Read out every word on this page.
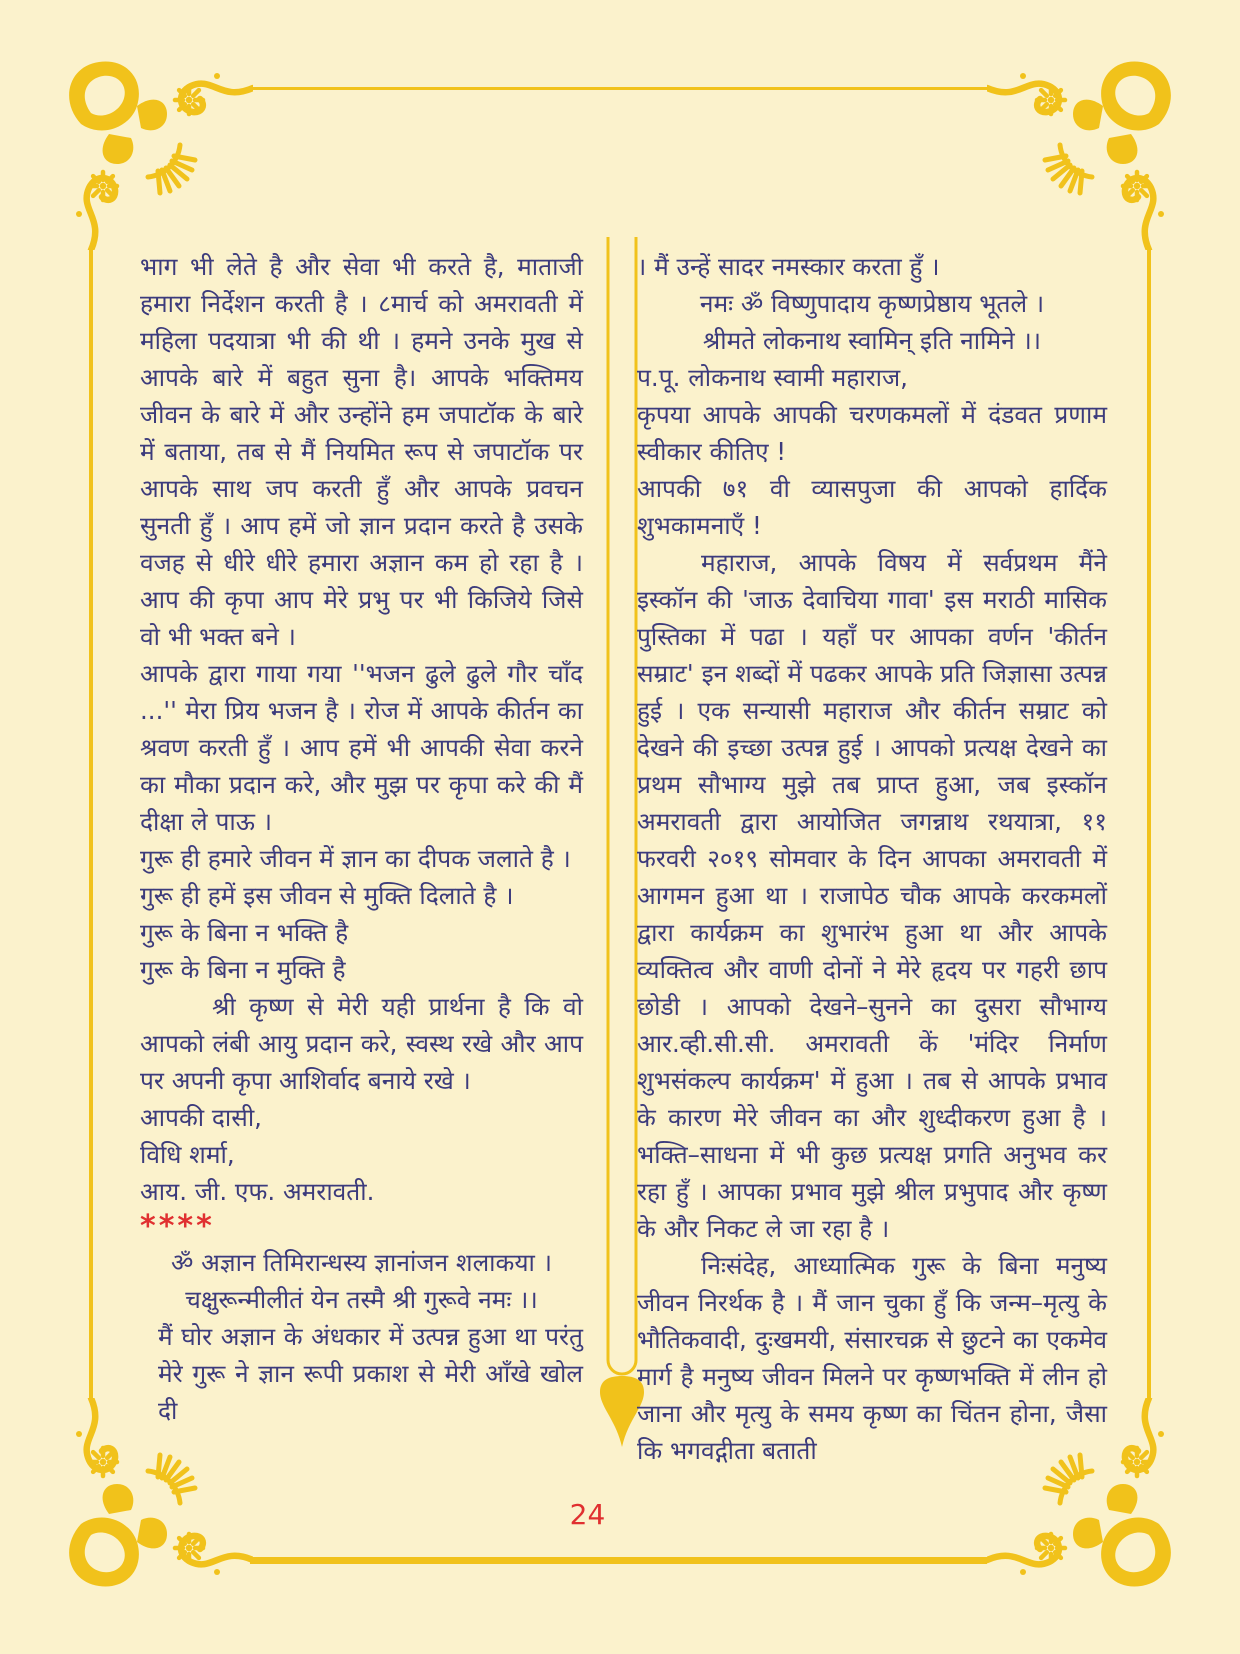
भाग भी लेते है और सेवा भी करते है, माताजी हमारा निर्देशन करती है । ८मार्च को अमरावती में महिला पदयात्रा भी की थी । हमने उनके मुख से आपके बारे में बहुत सुना है। आपके भक्तिमय जीवन के बारे में और उन्होंने हम जपाटॉक के बारे में बताया, तब से मैं नियमित रूप से जपाटॉक पर आपके साथ जप करती हुँ और आपके प्रवचन सुनती हुँ । आप हमें जो ज्ञान प्रदान करते है उसके वजह से धीरे धीरे हमारा अज्ञान कम हो रहा है । आप की कृपा आप मेरे प्रभु पर भी किजिये जिसे वो भी भक्त बने ।

आपके द्वारा गाया गया ''भजन ढुले ढुले गौर चाँद ...'' मेरा प्रिय भजन है । रोज में आपके कीर्तन का श्रवण करती हुँ । आप हमें भी आपकी सेवा करने का मौका प्रदान करे, और मुझ पर कृपा करे की मैं दीक्षा ले पाऊ ।

गुरू ही हमारे जीवन में ज्ञान का दीपक जलाते है ।

गुरू ही हमें इस जीवन से मुक्ति दिलाते है ।

गुरू के बिना न भक्ति है

गुरू के बिना न मुक्ति है

श्री कृष्ण से मेरी यही प्रार्थना है कि वो आपको लंबी आयु प्रदान करे, स्वस्थ रखे और आप पर अपनी कृपा आशिर्वाद बनाये रखे ।

आपकी दासी,

विधि शर्मा,

आय. जी. एफ. अमरावती.

****

ॐ अज्ञान तिमिरान्धस्य ज्ञानांजन शलाकया ।

चक्षुरून्मीलीतं येन तस्मै श्री गुरूवे नमः ।।

मैं घोर अज्ञान के अंधकार में उत्पन्न हुआ था परंतु मेरे गुरू ने ज्ञान रूपी प्रकाश से मेरी आँखे खोल दी

। मैं उन्हें सादर नमस्कार करता हुँ ।

नमः ॐ विष्णुपादाय कृष्णप्रेष्ठाय भूतले ।

श्रीमते लोकनाथ स्वामिन् इति नामिने ।।

प.पू. लोकनाथ स्वामी महाराज,

कृपया आपके आपकी चरणकमलों में दंडवत प्रणाम स्वीकार कीतिए !

आपकी ७१ वी व्यासपुजा की आपको हार्दिक शुभकामनाएँ !

महाराज, आपके विषय में सर्वप्रथम मैंने इस्कॉन की 'जाऊ देवाचिया गावा' इस मराठी मासिक पुस्तिका में पढा । यहाँ पर आपका वर्णन 'कीर्तन सम्राट' इन शब्दों में पढकर आपके प्रति जिज्ञासा उत्पन्न हुई । एक सन्यासी महाराज और कीर्तन सम्राट को देखने की इच्छा उत्पन्न हुई । आपको प्रत्यक्ष देखने का प्रथम सौभाग्य मुझे तब प्राप्त हुआ, जब इस्कॉन अमरावती द्वारा आयोजित जगन्नाथ रथयात्रा, ११ फरवरी २०१९ सोमवार के दिन आपका अमरावती में आगमन हुआ था । राजापेठ चौक आपके करकमलों द्वारा कार्यक्रम का शुभारंभ हुआ था और आपके व्यक्तित्व और वाणी दोनों ने मेरे हृदय पर गहरी छाप छोडी । आपको देखने–सुनने का दुसरा सौभाग्य आर.व्ही.सी.सी. अमरावती कें 'मंदिर निर्माण शुभसंकल्प कार्यक्रम' में हुआ । तब से आपके प्रभाव के कारण मेरे जीवन का और शुध्दीकरण हुआ है । भक्ति–साधना में भी कुछ प्रत्यक्ष प्रगति अनुभव कर रहा हुँ । आपका प्रभाव मुझे श्रील प्रभुपाद और कृष्ण के और निकट ले जा रहा है ।

निःसंदेह, आध्यात्मिक गुरू के बिना मनुष्य जीवन निरर्थक है । मैं जान चुका हुँ कि जन्म–मृत्यु के भौतिकवादी, दुःखमयी, संसारचक्र से छुटने का एकमेव मार्ग है मनुष्य जीवन मिलने पर कृष्णभक्ति में लीन हो जाना और मृत्यु के समय कृष्ण का चिंतन होना, जैसा कि भगवद्गीता बताती

24
